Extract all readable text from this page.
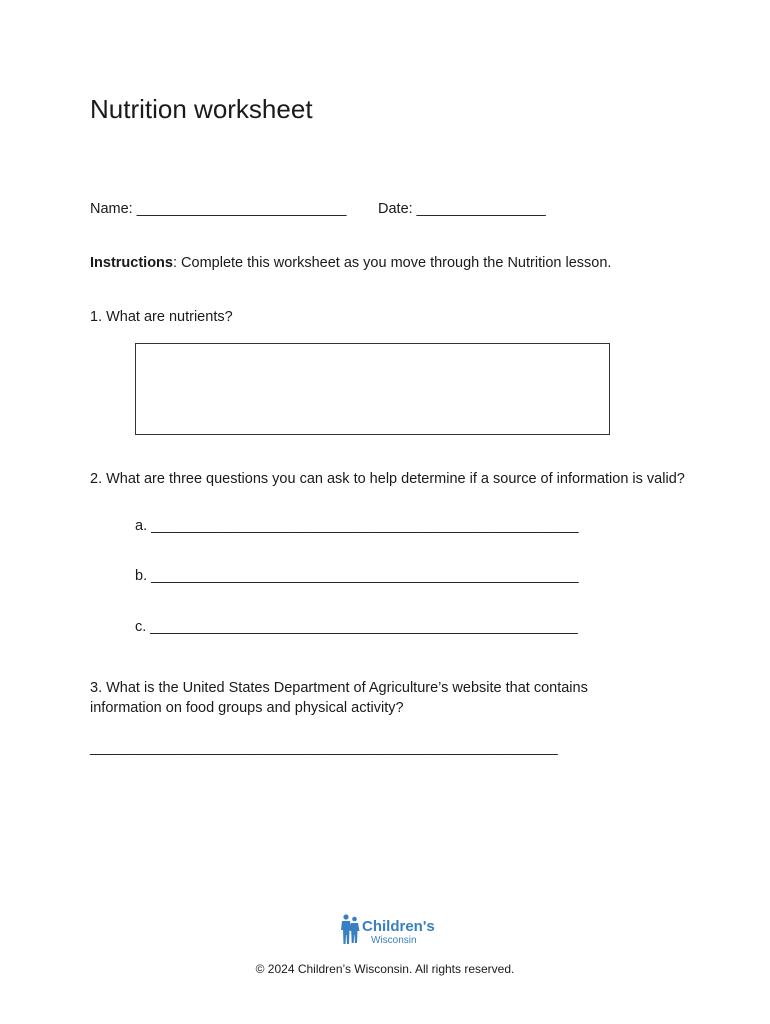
Nutrition worksheet
Name: __________________________ Date: ________________
Instructions: Complete this worksheet as you move through the Nutrition lesson.
1. What are nutrients?
2. What are three questions you can ask to help determine if a source of information is valid?
a. _____________________________________________________
b. _____________________________________________________
c. _____________________________________________________
3. What is the United States Department of Agriculture’s website that contains information on food groups and physical activity?
__________________________________________________________
Children's
Wisconsin
© 2024 Children’s Wisconsin. All rights reserved.
